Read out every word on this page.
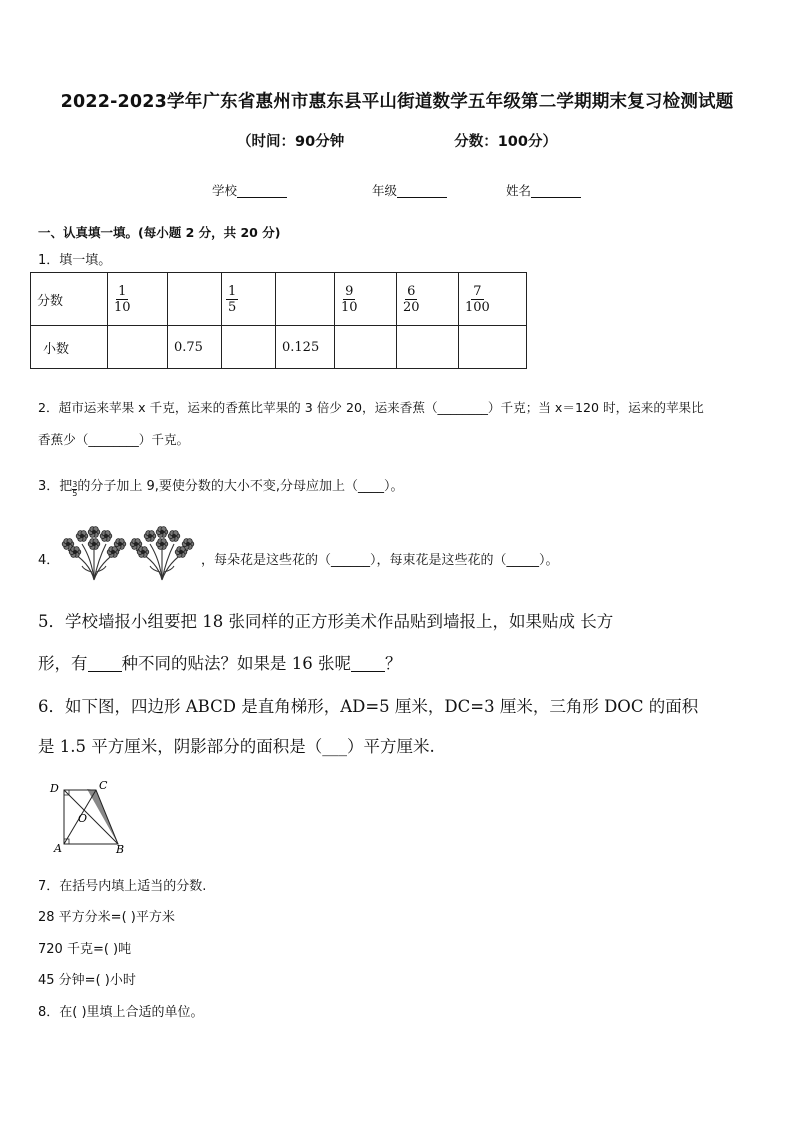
2022-2023学年广东省惠州市惠东县平山街道数学五年级第二学期期末复习检测试题
（时间：90分钟	分数：100分）
学校	年级	姓名
一、认真填一填。(每小题 2 分，共 20 分)
1．填一填。
分数	$\frac{1}{10}$		$\frac{1}{5}$		$\frac{9}{10}$	$\frac{6}{20}$	$\frac{7}{100}$

小数		0.75		0.125			
2．超市运来苹果 x 千克，运来的香蕉比苹果的 3 倍少 20，运来香蕉（________）千克；当 x＝120 时，运来的苹果比
香蕉少（________）千克。
3．把 $\frac{3}{5}$ 的分子加上 9,要使分数的大小不变,分母应加上（____）。
4．	，每朵花是这些花的（______），每束花是这些花的（_____）。
5．学校墙报小组要把 18 张同样的正方形美术作品贴到墙报上，如果贴成 长方
形，有 种不同的贴法？如果是 16 张呢 ？
6．如下图，四边形 ABCD 是直角梯形，AD=5 厘米，DC=3 厘米，三角形 DOC 的面积
是 1.5 平方厘米，阴影部分的面积是（___）平方厘米.
D	C
O
A	B
7．在括号内填上适当的分数.
28 平方分米=( )平方米
720 千克=( )吨
45 分钟=( )小时
8．在( )里填上合适的单位。
